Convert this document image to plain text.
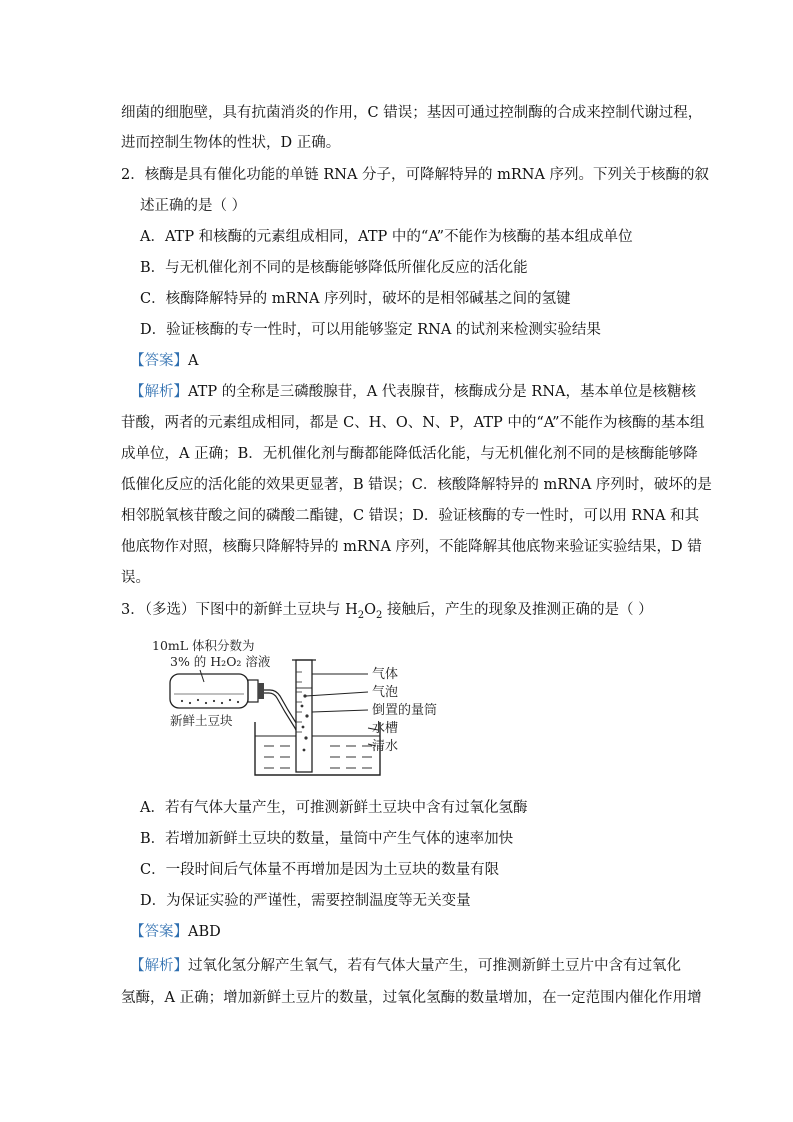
细菌的细胞壁，具有抗菌消炎的作用，C 错误；基因可通过控制酶的合成来控制代谢过程，
进而控制生物体的性状，D 正确。
2．核酶是具有催化功能的单链 RNA 分子，可降解特异的 mRNA 序列。下列关于核酶的叙
述正确的是（ ）
A．ATP 和核酶的元素组成相同，ATP 中的“A”不能作为核酶的基本组成单位
B．与无机催化剂不同的是核酶能够降低所催化反应的活化能
C．核酶降解特异的 mRNA 序列时，破坏的是相邻碱基之间的氢键
D．验证核酶的专一性时，可以用能够鉴定 RNA 的试剂来检测实验结果
【答案】A
【解析】ATP 的全称是三磷酸腺苷，A 代表腺苷，核酶成分是 RNA，基本单位是核糖核
苷酸，两者的元素组成相同，都是 C、H、O、N、P，ATP 中的“A”不能作为核酶的基本组
成单位，A 正确；B．无机催化剂与酶都能降低活化能，与无机催化剂不同的是核酶能够降
低催化反应的活化能的效果更显著，B 错误；C．核酸降解特异的 mRNA 序列时，破坏的是
相邻脱氧核苷酸之间的磷酸二酯键，C 错误；D．验证核酶的专一性时，可以用 RNA 和其
他底物作对照，核酶只降解特异的 mRNA 序列，不能降解其他底物来验证实验结果，D 错
误。
3．（多选）下图中的新鲜土豆块与 $H_2O_2$ 接触后，产生的现象及推测正确的是（ ）
10mL 体积分数为
3% 的 H₂O₂ 溶液
新鲜土豆块
气体
气泡
倒置的量筒
水槽
清水
A．若有气体大量产生，可推测新鲜土豆块中含有过氧化氢酶
B．若增加新鲜土豆块的数量，量筒中产生气体的速率加快
C．一段时间后气体量不再增加是因为土豆块的数量有限
D．为保证实验的严谨性，需要控制温度等无关变量
【答案】ABD
【解析】过氧化氢分解产生氧气，若有气体大量产生，可推测新鲜土豆片中含有过氧化
氢酶，A 正确；增加新鲜土豆片的数量，过氧化氢酶的数量增加，在一定范围内催化作用增
